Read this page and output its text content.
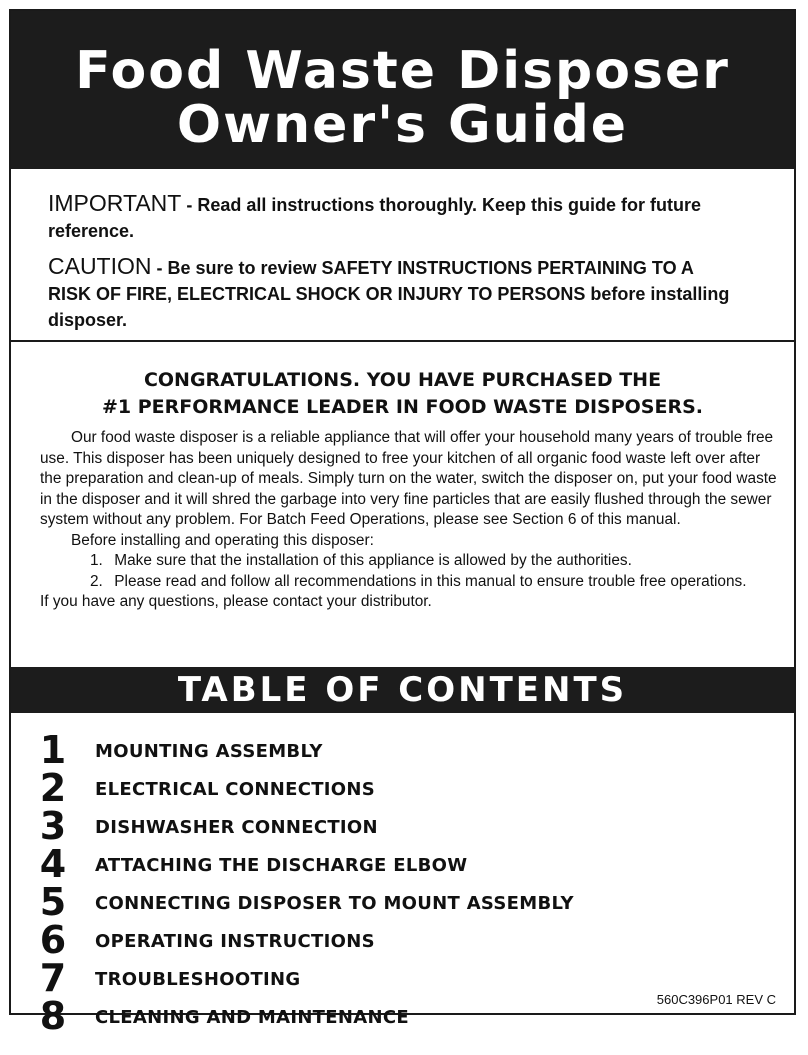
Food Waste Disposer
Owner's Guide

IMPORTANT - Read all instructions thoroughly. Keep this guide for future reference.

CAUTION - Be sure to review SAFETY INSTRUCTIONS PERTAINING TO A RISK OF FIRE, ELECTRICAL SHOCK OR INJURY TO PERSONS before installing disposer.

CONGRATULATIONS. YOU HAVE PURCHASED THE
#1 PERFORMANCE LEADER IN FOOD WASTE DISPOSERS.

Our food waste disposer is a reliable appliance that will offer your household many years of trouble free use. This disposer has been uniquely designed to free your kitchen of all organic food waste left over after the preparation and clean-up of meals. Simply turn on the water, switch the disposer on, put your food waste in the disposer and it will shred the garbage into very fine particles that are easily flushed through the sewer system without any problem. For Batch Feed Operations, please see Section 6 of this manual.

Before installing and operating this disposer:

1. Make sure that the installation of this appliance is allowed by the authorities.

2. Please read and follow all recommendations in this manual to ensure trouble free operations.

If you have any questions, please contact your distributor.

TABLE OF CONTENTS
1	MOUNTING ASSEMBLY
2	ELECTRICAL CONNECTIONS
3	DISHWASHER CONNECTION
4	ATTACHING THE DISCHARGE ELBOW
5	CONNECTING DISPOSER TO MOUNT ASSEMBLY
6	OPERATING INSTRUCTIONS
7	TROUBLESHOOTING
8	CLEANING AND MAINTENANCE
560C396P01 REV C
